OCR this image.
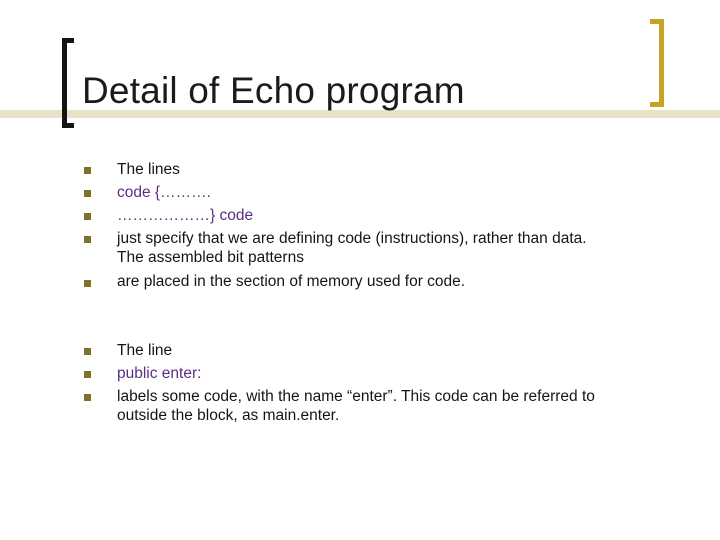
Detail of Echo program

The lines

code {……….

………………} code

just specify that we are defining code (instructions), rather than data.

The assembled bit patterns

are placed in the section of memory used for code.

The line

public enter:

labels some code, with the name “enter”. This code can be referred to

outside the block, as main.enter.
